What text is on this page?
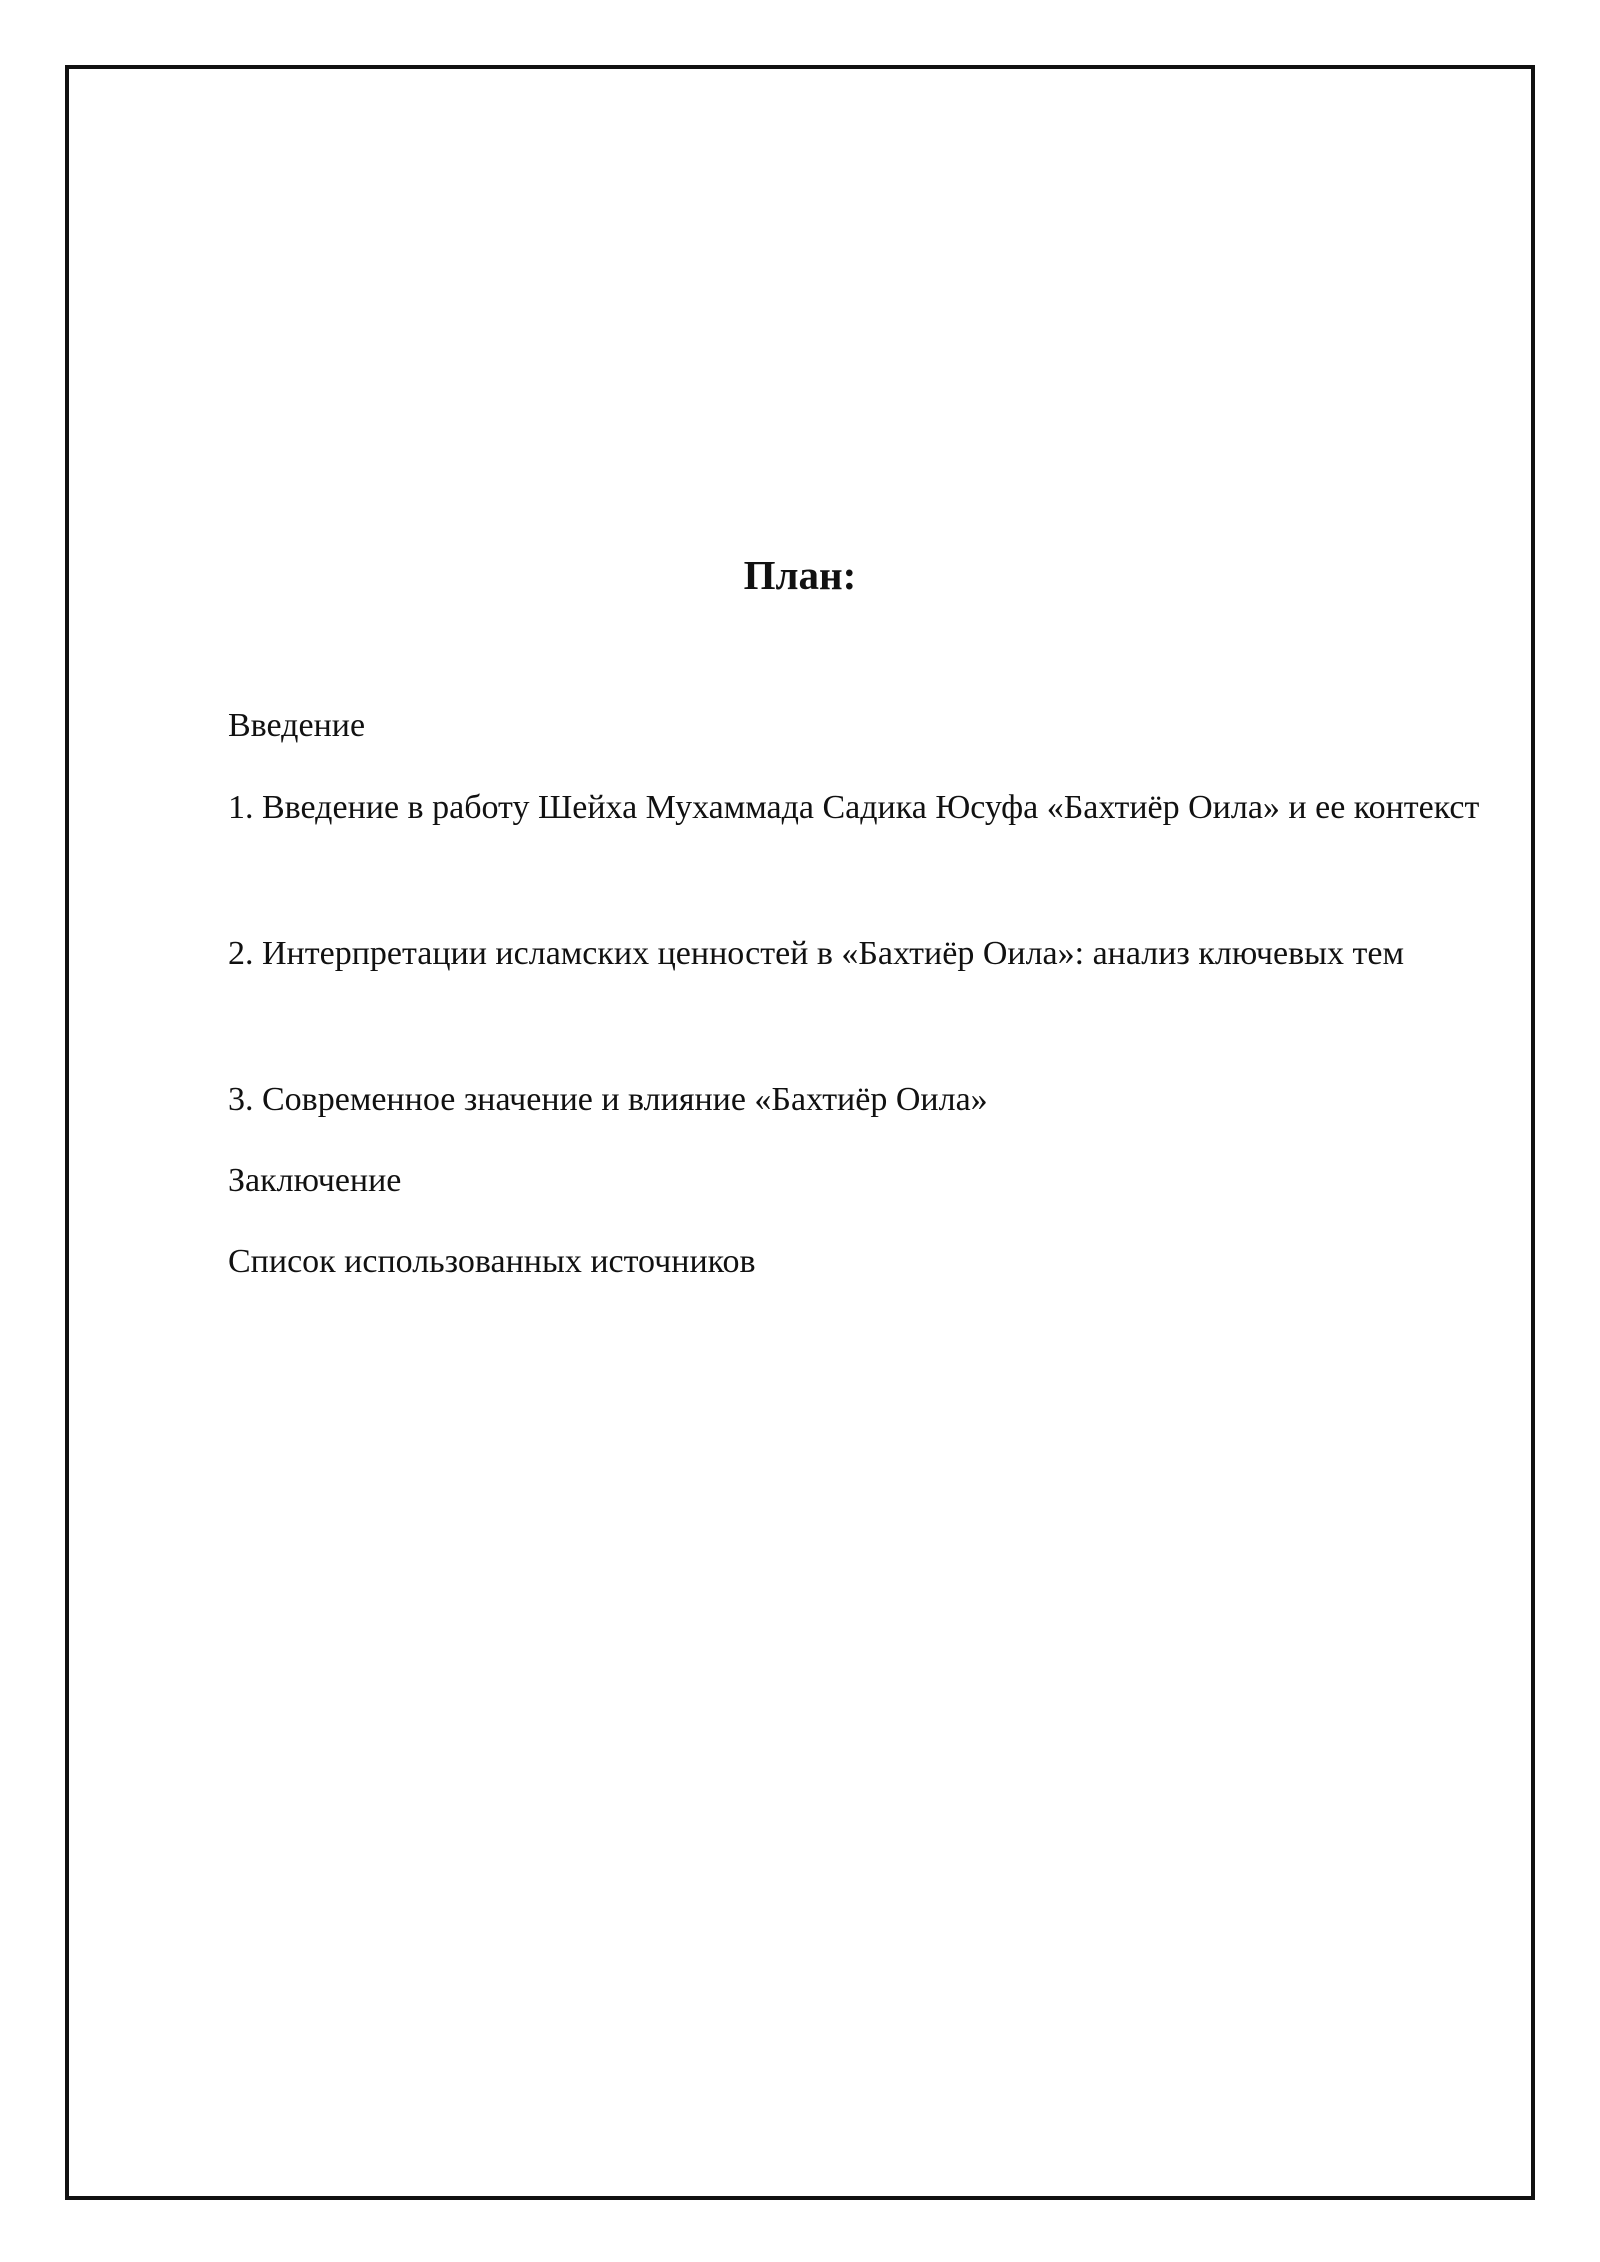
План:
Введение
1. Введение в работу Шейха Мухаммада Садика Юсуфа «Бахтиёр Оила» и ее контекст
2. Интерпретации исламских ценностей в «Бахтиёр Оила»: анализ ключевых тем
3. Современное значение и влияние «Бахтиёр Оила»
Заключение
Список использованных источников
